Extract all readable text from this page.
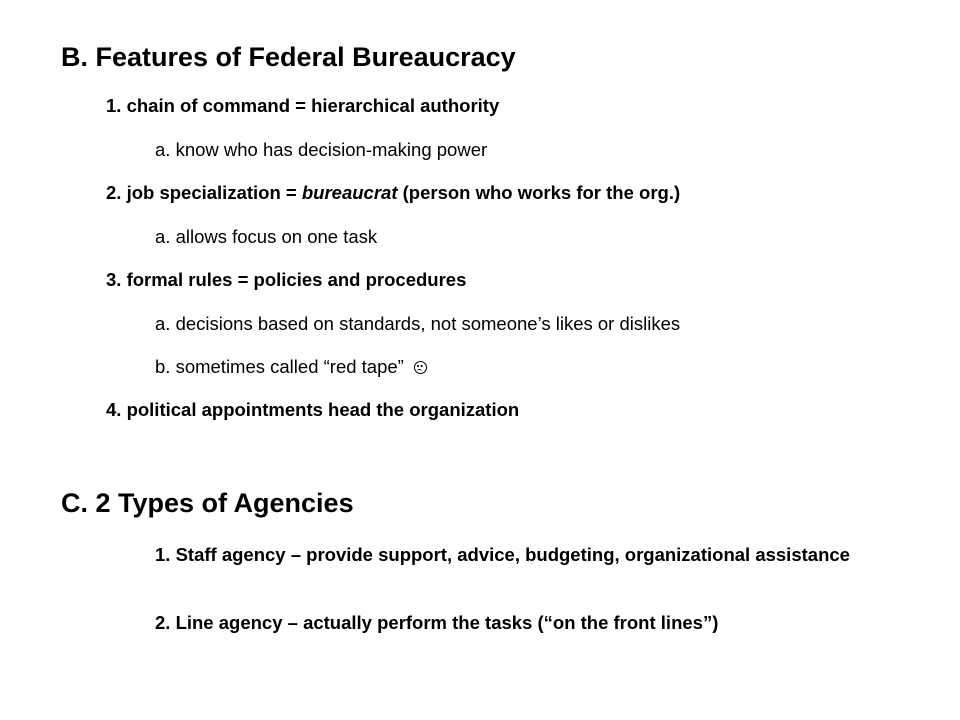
B. Features of Federal Bureaucracy
1. chain of command = hierarchical authority
a. know who has decision-making power
2. job specialization = bureaucrat (person who works for the org.)
a. allows focus on one task
3. formal rules = policies and procedures
a. decisions based on standards, not someone’s likes or dislikes
b. sometimes called “red tape”
4. political appointments head the organization
C. 2 Types of Agencies
1. Staff agency – provide support, advice, budgeting, organizational assistance
2. Line agency – actually perform the tasks (“on the front lines”)
